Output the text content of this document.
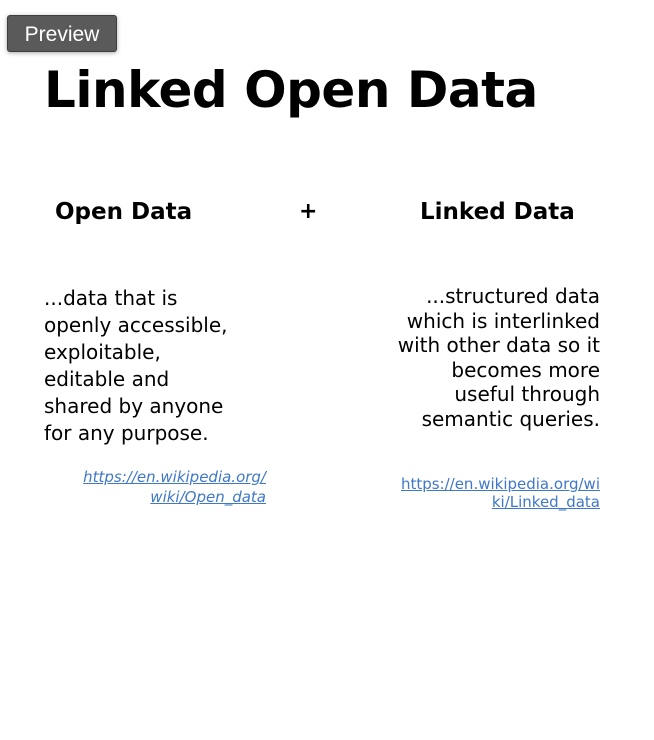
Preview
Linked Open Data
Open Data	+	Linked Data

...data that is
openly accessible,
exploitable,
editable and
shared by anyone
for any purpose.

...structured data
which is interlinked
with other data so it
becomes more
useful through
semantic queries.

https://en.wikipedia.org/
wiki/Open_data
https://en.wikipedia.org/wi
ki/Linked_data
